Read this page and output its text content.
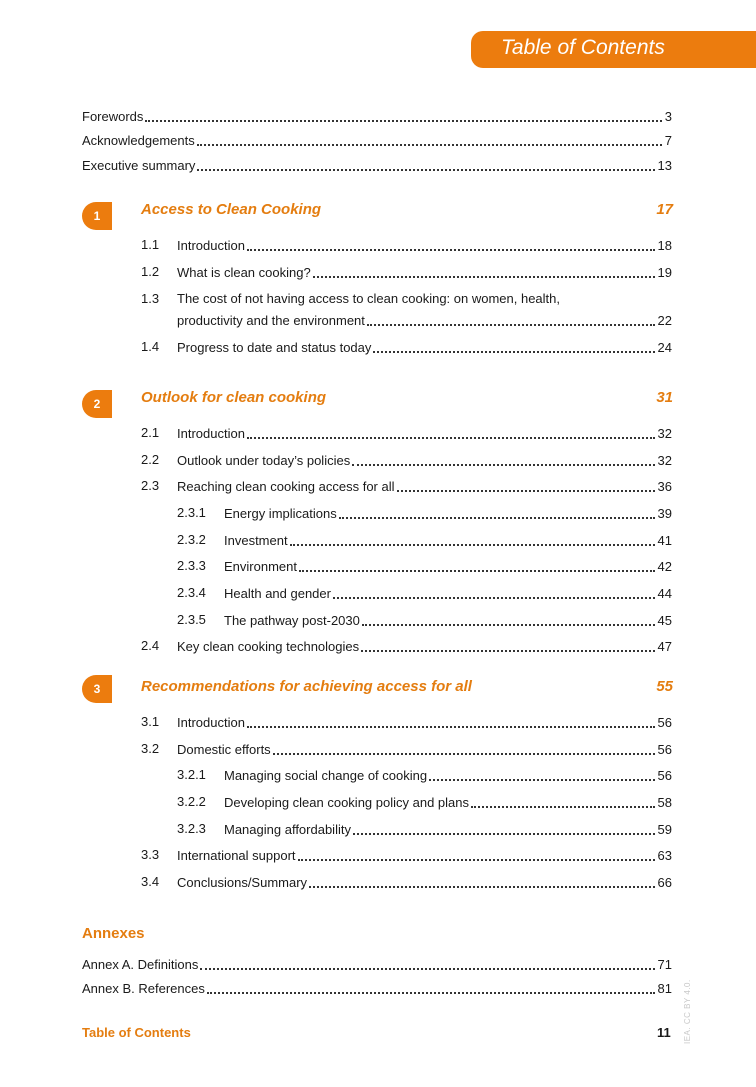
Table of Contents
Forewords	3
Acknowledgements	7
Executive summary	13
1	Access to Clean Cooking	17
1.1 Introduction	18
1.2 What is clean cooking?	19
1.3 The cost of not having access to clean cooking: on women, health,
productivity and the environment	22
1.4 Progress to date and status today	24
2	Outlook for clean cooking	31
2.1 Introduction	32
2.2 Outlook under today’s policies	32
2.3 Reaching clean cooking access for all	36
2.3.1 Energy implications	39
2.3.2 Investment	41
2.3.3 Environment	42
2.3.4 Health and gender	44
2.3.5 The pathway post-2030	45
2.4 Key clean cooking technologies	47
3	Recommendations for achieving access for all	55
3.1 Introduction	56
3.2 Domestic efforts	56
3.2.1 Managing social change of cooking	56
3.2.2 Developing clean cooking policy and plans	58
3.2.3 Managing affordability	59
3.3 International support	63
3.4 Conclusions/Summary	66
Annexes
Annex A. Definitions	71
Annex B. References	81
Table of Contents	11 IEA. CC BY 4.0.
